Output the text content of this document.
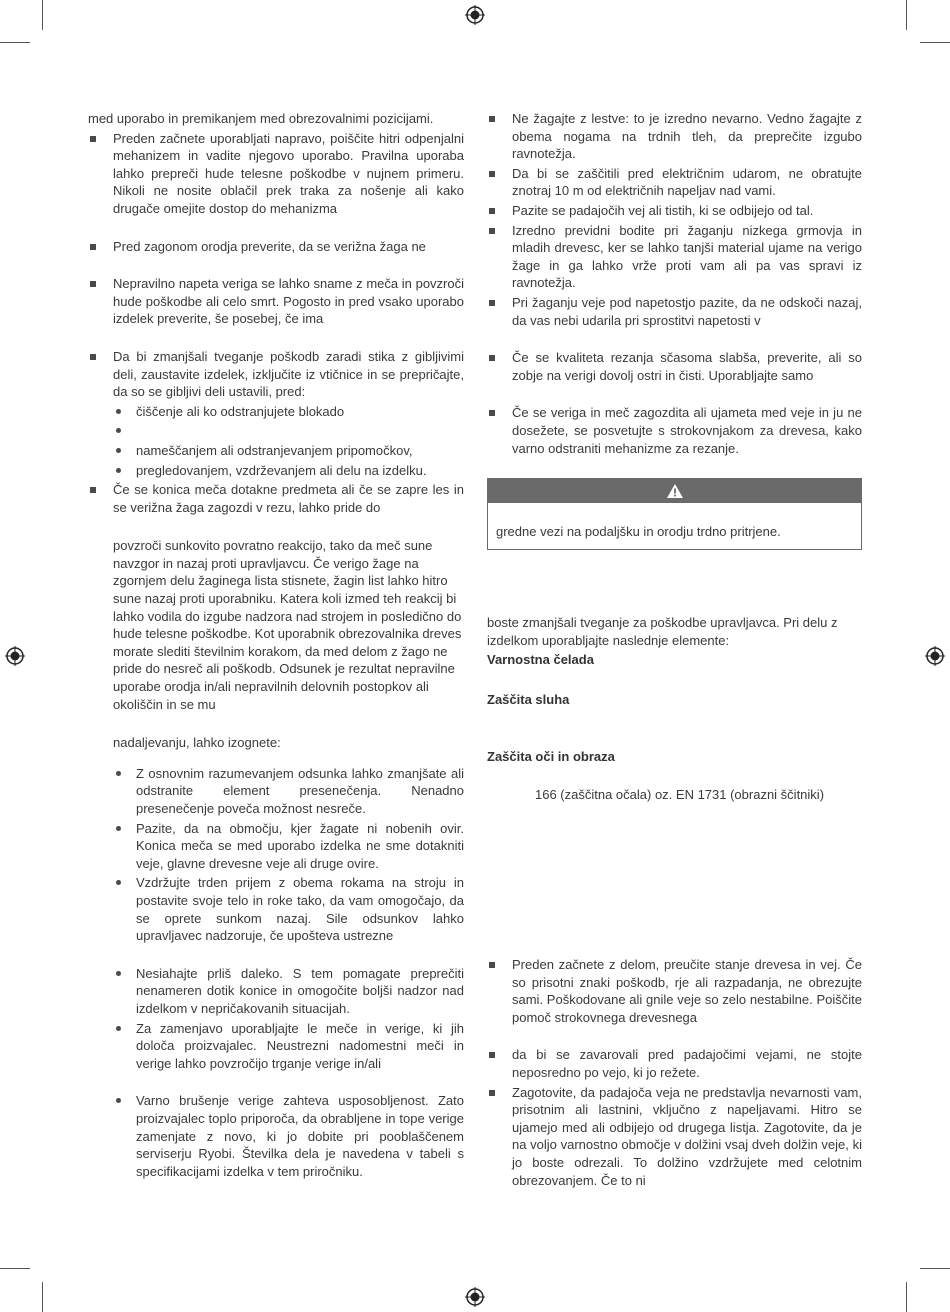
med uporabo in premikanjem med obrezovalnimi pozicijami.

Preden začnete uporabljati napravo, poiščite hitri odpenjalni mehanizem in vadite njegovo uporabo. Pravilna uporaba lahko prepreči hude telesne poškodbe v nujnem primeru. Nikoli ne nosite oblačil prek traka za nošenje ali kako drugače omejite dostop do mehanizma

Pred zagonom orodja preverite, da se verižna žaga ne

Nepravilno napeta veriga se lahko sname z meča in povzroči hude poškodbe ali celo smrt. Pogosto in pred vsako uporabo izdelek preverite, še posebej, če ima

Da bi zmanjšali tveganje poškodb zaradi stika z gibljivimi deli, zaustavite izdelek, izključite iz vtičnice in se prepričajte, da so se gibljivi deli ustavili, pred:

čiščenje ali ko odstranjujete blokado

nameščanjem ali odstranjevanjem pripomočkov,

pregledovanjem, vzdrževanjem ali delu na izdelku.

Če se konica meča dotakne predmeta ali če se zapre les in se verižna žaga zagozdi v rezu, lahko pride do

povzroči sunkovito povratno reakcijo, tako da meč sune navzgor in nazaj proti upravljavcu. Če verigo žage na zgornjem delu žaginega lista stisnete, žagin list lahko hitro sune nazaj proti uporabniku. Katera koli izmed teh reakcij bi lahko vodila do izgube nadzora nad strojem in posledično do hude telesne poškodbe. Kot uporabnik obrezovalnika dreves morate slediti številnim korakom, da med delom z žago ne pride do nesreč ali poškodb. Odsunek je rezultat nepravilne uporabe orodja in/ali nepravilnih delovnih postopkov ali okoliščin in se mu

nadaljevanju, lahko izognete:

Z osnovnim razumevanjem odsunka lahko zmanjšate ali odstranite element presenečenja. Nenadno presenečenje poveča možnost nesreče.

Pazite, da na območju, kjer žagate ni nobenih ovir. Konica meča se med uporabo izdelka ne sme dotakniti veje, glavne drevesne veje ali druge ovire.

Vzdržujte trden prijem z obema rokama na stroju in postavite svoje telo in roke tako, da vam omogočajo, da se oprete sunkom nazaj. Sile odsunkov lahko upravljavec nadzoruje, če upošteva ustrezne

Nesiahajte prliš daleko. S tem pomagate preprečiti nenameren dotik konice in omogočite boljši nadzor nad izdelkom v nepričakovanih situacijah.

Za zamenjavo uporabljajte le meče in verige, ki jih določa proizvajalec. Neustrezni nadomestni meči in verige lahko povzročijo trganje verige in/ali

Varno brušenje verige zahteva usposobljenost. Zato proizvajalec toplo priporoča, da obrabljene in tope verige zamenjate z novo, ki jo dobite pri pooblaščenem serviserju Ryobi. Številka dela je navedena v tabeli s specifikacijami izdelka v tem priročniku.

Ne žagajte z lestve: to je izredno nevarno. Vedno žagajte z obema nogama na trdnih tleh, da preprečite izgubo ravnotežja.

Da bi se zaščitili pred električnim udarom, ne obratujte znotraj 10 m od električnih napeljav nad vami.

Pazite se padajočih vej ali tistih, ki se odbijejo od tal.

Izredno previdni bodite pri žaganju nizkega grmovja in mladih drevesc, ker se lahko tanjši material ujame na verigo žage in ga lahko vrže proti vam ali pa vas spravi iz ravnotežja.

Pri žaganju veje pod napetostjo pazite, da ne odskoči nazaj, da vas nebi udarila pri sprostitvi napetosti v

Če se kvaliteta rezanja sčasoma slabša, preverite, ali so zobje na verigi dovolj ostri in čisti. Uporabljajte samo

Če se veriga in meč zagozdita ali ujameta med veje in ju ne dosežete, se posvetujte s strokovnjakom za drevesa, kako varno odstraniti mehanizme za rezanje.

gredne vezi na podaljšku in orodju trdno pritrjene.

boste zmanjšali tveganje za poškodbe upravljavca. Pri delu z izdelkom uporabljajte naslednje elemente:

Varnostna čelada

Zaščita sluha

Zaščita oči in obraza

166 (zaščitna očala) oz. EN 1731 (obrazni ščitniki)

Preden začnete z delom, preučite stanje drevesa in vej. Če so prisotni znaki poškodb, rje ali razpadanja, ne obrezujte sami. Poškodovane ali gnile veje so zelo nestabilne. Poiščite pomoč strokovnega drevesnega

da bi se zavarovali pred padajočimi vejami, ne stojte neposredno po vejo, ki jo režete.

Zagotovite, da padajoča veja ne predstavlja nevarnosti vam, prisotnim ali lastnini, vključno z napeljavami. Hitro se ujamejo med ali odbijejo od drugega listja. Zagotovite, da je na voljo varnostno območje v dolžini vsaj dveh dolžin veje, ki jo boste odrezali. To dolžino vzdržujete med celotnim obrezovanjem. Če to ni
